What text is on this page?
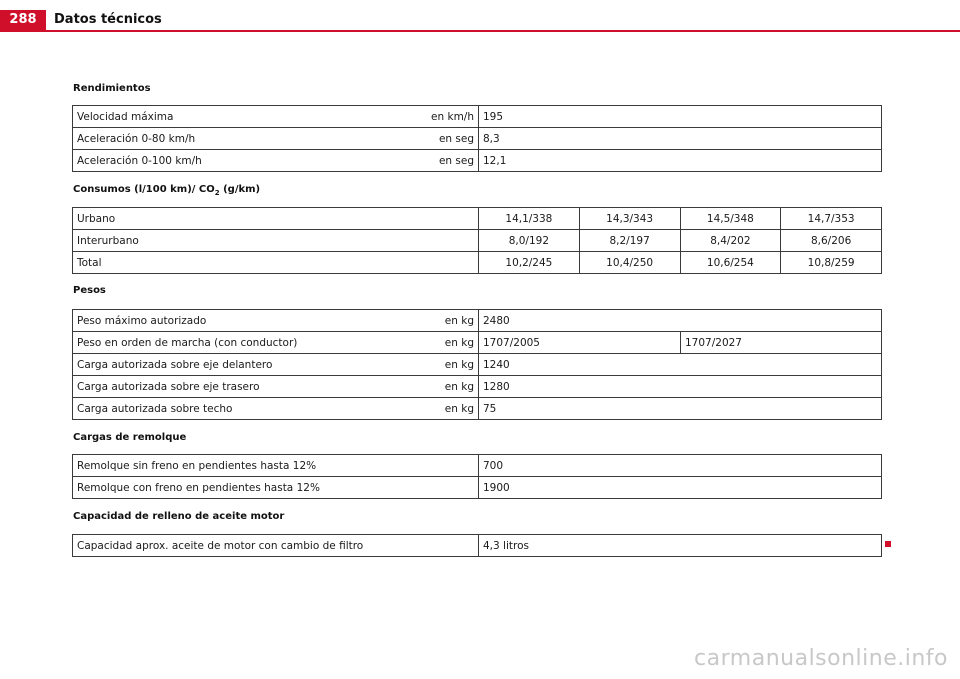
288	Datos técnicos
Rendimientos
Velocidad máxima en km/h	195
Aceleración 0-80 km/h en seg	8,3
Aceleración 0-100 km/h en seg	12,1
Consumos (l/100 km)/ $CO_2$ (g/km)
Urbano	14,1/338	14,3/343	14,5/348	14,7/353
Interurbano	8,0/192	8,2/197	8,4/202	8,6/206
Total	10,2/245	10,4/250	10,6/254	10,8/259
Pesos
Peso máximo autorizado en kg	2480	
Peso en orden de marcha (con conductor) en kg	1707/2005	1707/2027
Carga autorizada sobre eje delantero en kg	1240	
Carga autorizada sobre eje trasero en kg	1280	
Carga autorizada sobre techo en kg	75	
Cargas de remolque
Remolque sin freno en pendientes hasta 12%	700
Remolque con freno en pendientes hasta 12%	1900
Capacidad de relleno de aceite motor
Capacidad aprox. aceite de motor con cambio de filtro	4,3 litros
carmanualsonline.info
